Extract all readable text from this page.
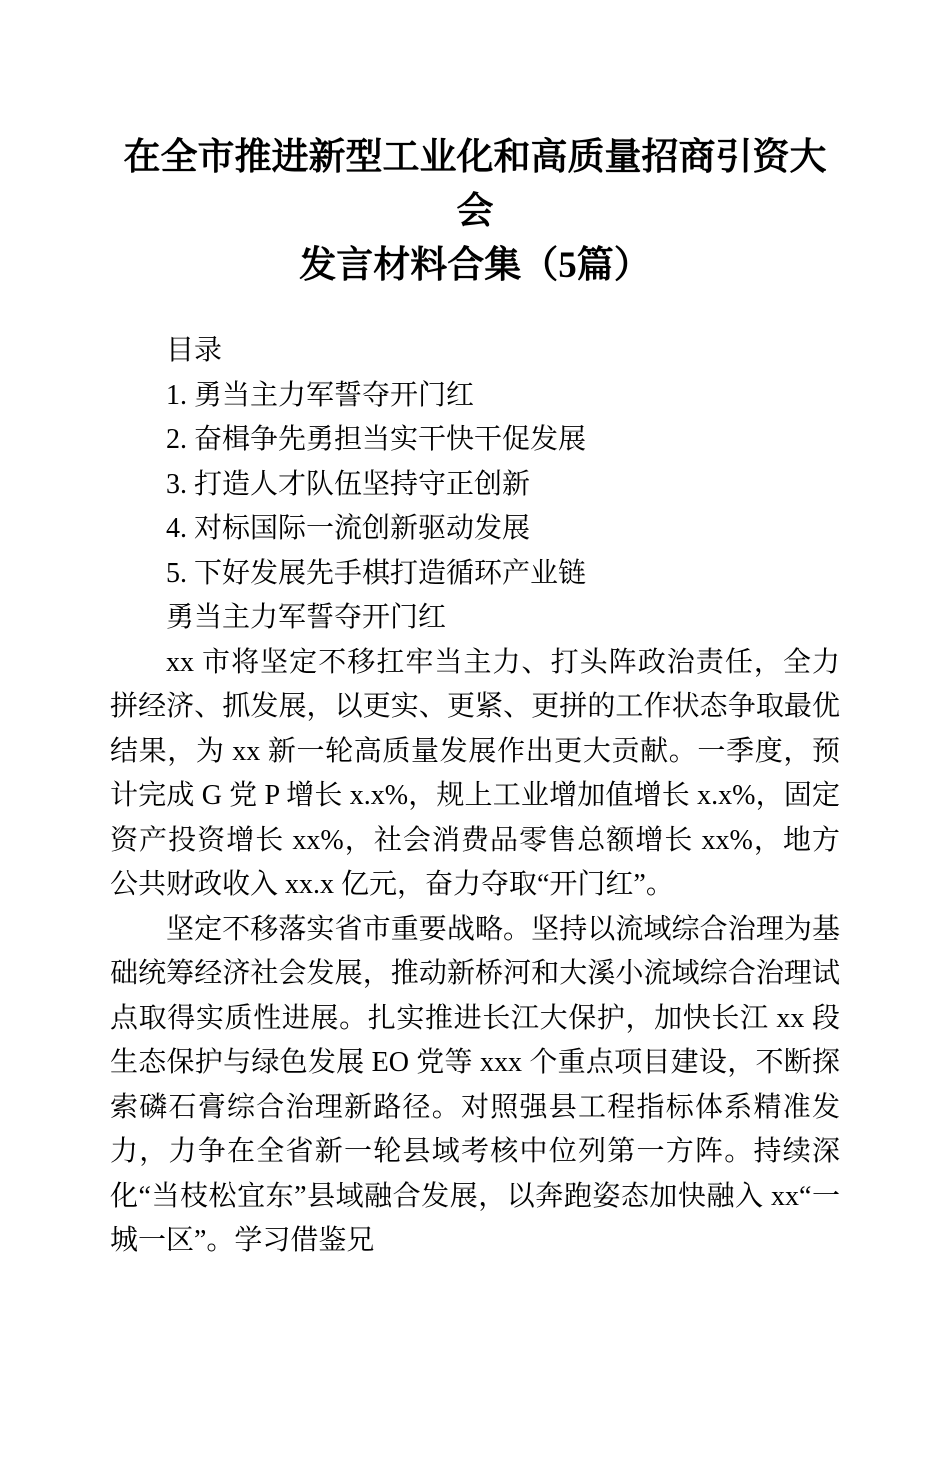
在全市推进新型工业化和高质量招商引资大会
发言材料合集（5篇）

目录

1. 勇当主力军誓夺开门红

2. 奋楫争先勇担当实干快干促发展

3. 打造人才队伍坚持守正创新

4. 对标国际一流创新驱动发展

5. 下好发展先手棋打造循环产业链

勇当主力军誓夺开门红

xx 市将坚定不移扛牢当主力、打头阵政治责任，全力拼经济、抓发展，以更实、更紧、更拼的工作状态争取最优结果，为 xx 新一轮高质量发展作出更大贡献。一季度，预计完成 G 党 P 增长 x.x%，规上工业增加值增长 x.x%，固定资产投资增长 xx%，社会消费品零售总额增长 xx%，地方公共财政收入 xx.x 亿元，奋力夺取“开门红”。

坚定不移落实省市重要战略。坚持以流域综合治理为基础统筹经济社会发展，推动新桥河和大溪小流域综合治理试点取得实质性进展。扎实推进长江大保护，加快长江 xx 段生态保护与绿色发展 EO 党等 xxx 个重点项目建设，不断探索磷石膏综合治理新路径。对照强县工程指标体系精准发力，力争在全省新一轮县域考核中位列第一方阵。持续深化“当枝松宜东”县域融合发展，以奔跑姿态加快融入 xx“一城一区”。学习借鉴兄
